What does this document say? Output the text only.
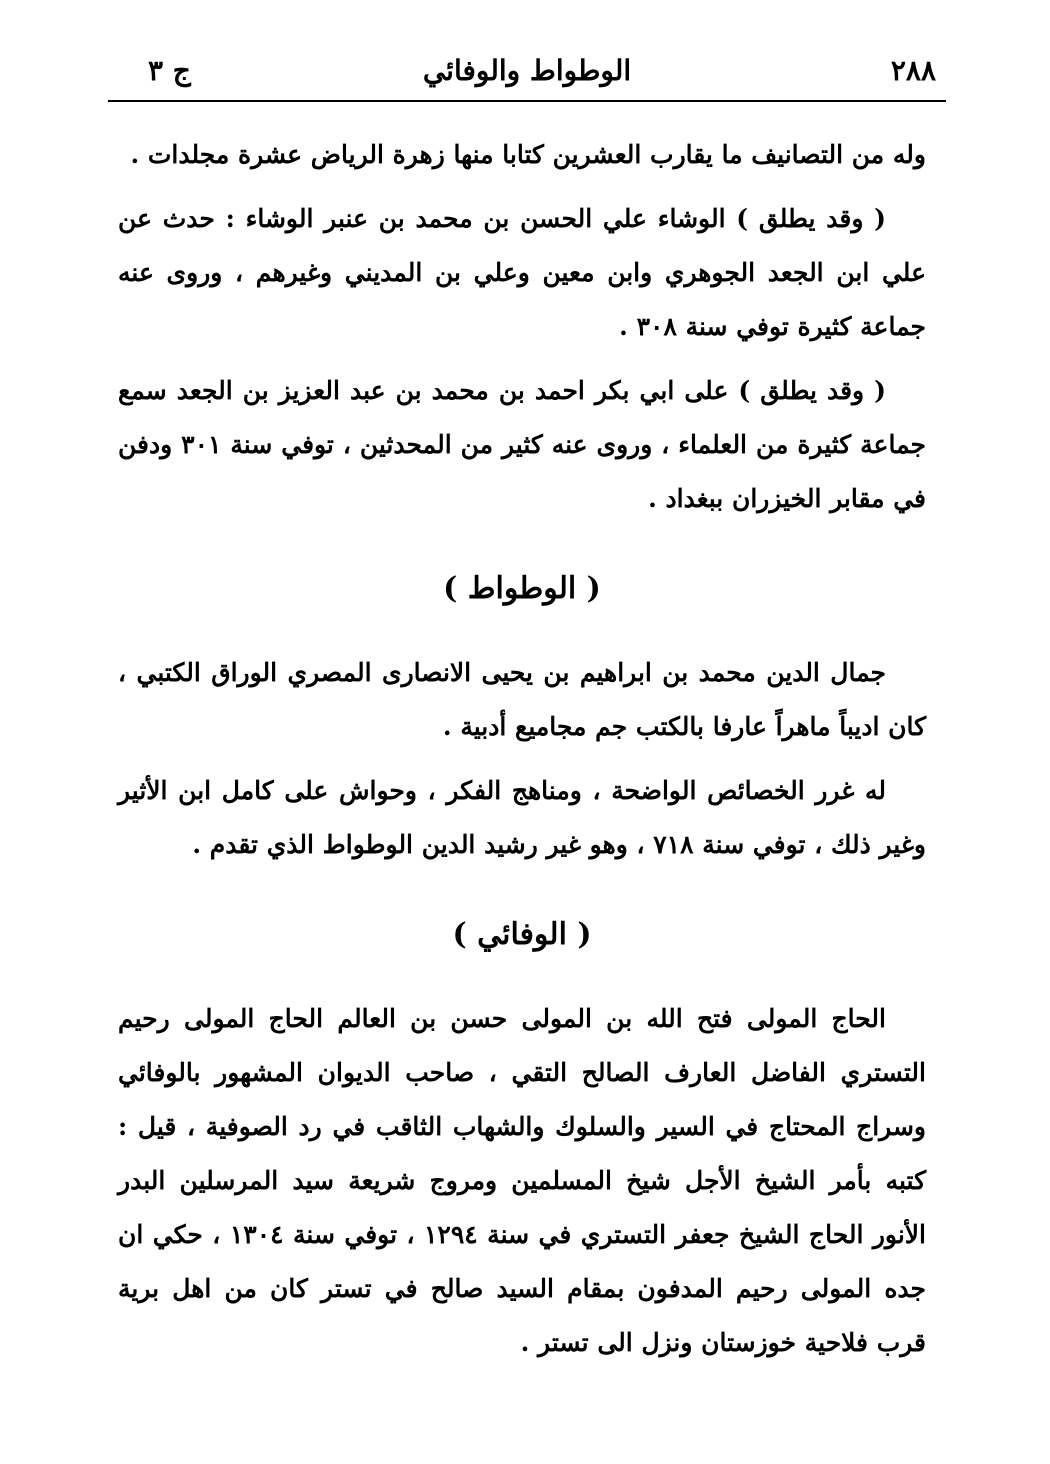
٢٨٨
الوطواط والوفائي
ج ٣

وله من التصانيف ما يقارب العشرين كتابا منها زهرة الرياض عشرة مجلدات .

( وقد يطلق ) الوشاء علي الحسن بن محمد بن عنبر الوشاء : حدث عن علي ابن الجعد الجوهري وابن معين وعلي بن المديني وغيرهم ، وروى عنه جماعة كثيرة توفي سنة ٣٠٨ .

( وقد يطلق ) على ابي بكر احمد بن محمد بن عبد العزيز بن الجعد سمع جماعة كثيرة من العلماء ، وروى عنه كثير من المحدثين ، توفي سنة ٣٠١ ودفن في مقابر الخيزران ببغداد .

( الوطواط )

جمال الدين محمد بن ابراهيم بن يحيى الانصارى المصري الوراق الكتبي ، كان اديباً ماهراً عارفا بالكتب جم مجاميع أدبية .

له غرر الخصائص الواضحة ، ومناهج الفكر ، وحواش على كامل ابن الأثير وغير ذلك ، توفي سنة ٧١٨ ، وهو غير رشيد الدين الوطواط الذي تقدم .

( الوفائي )

الحاج المولى فتح الله بن المولى حسن بن العالم الحاج المولى رحيم التستري الفاضل العارف الصالح التقي ، صاحب الديوان المشهور بالوفائي وسراج المحتاج في السير والسلوك والشهاب الثاقب في رد الصوفية ، قيل : كتبه بأمر الشيخ الأجل شيخ المسلمين ومروج شريعة سيد المرسلين البدر الأنور الحاج الشيخ جعفر التستري في سنة ١٢٩٤ ، توفي سنة ١٣٠٤ ، حكي ان جده المولى رحيم المدفون بمقام السيد صالح في تستر كان من اهل برية قرب فلاحية خوزستان ونزل الى تستر .
